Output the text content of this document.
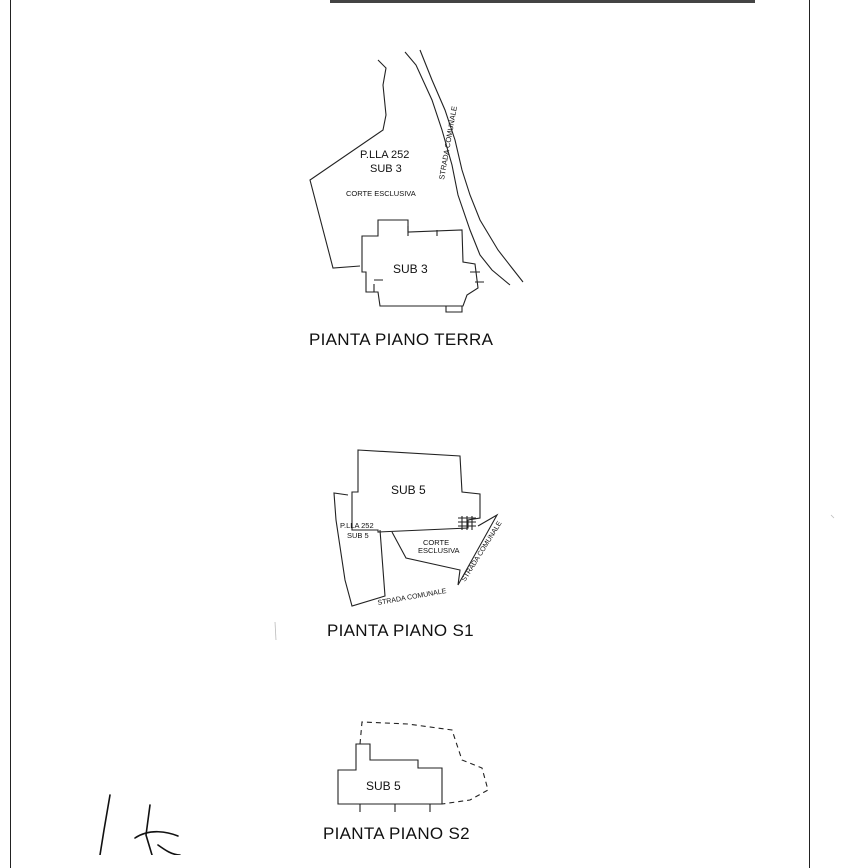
P.LLA 252
SUB 3
CORTE ESCLUSIVA
SUB 3
STRADA COMUNALE
SUB 5
P.LLA 252
SUB 5
CORTE
ESCLUSIVA
STRADA COMUNALE
STRADA COMUNALE
SUB 5
PIANTA PIANO TERRA
PIANTA PIANO S1
PIANTA PIANO S2
